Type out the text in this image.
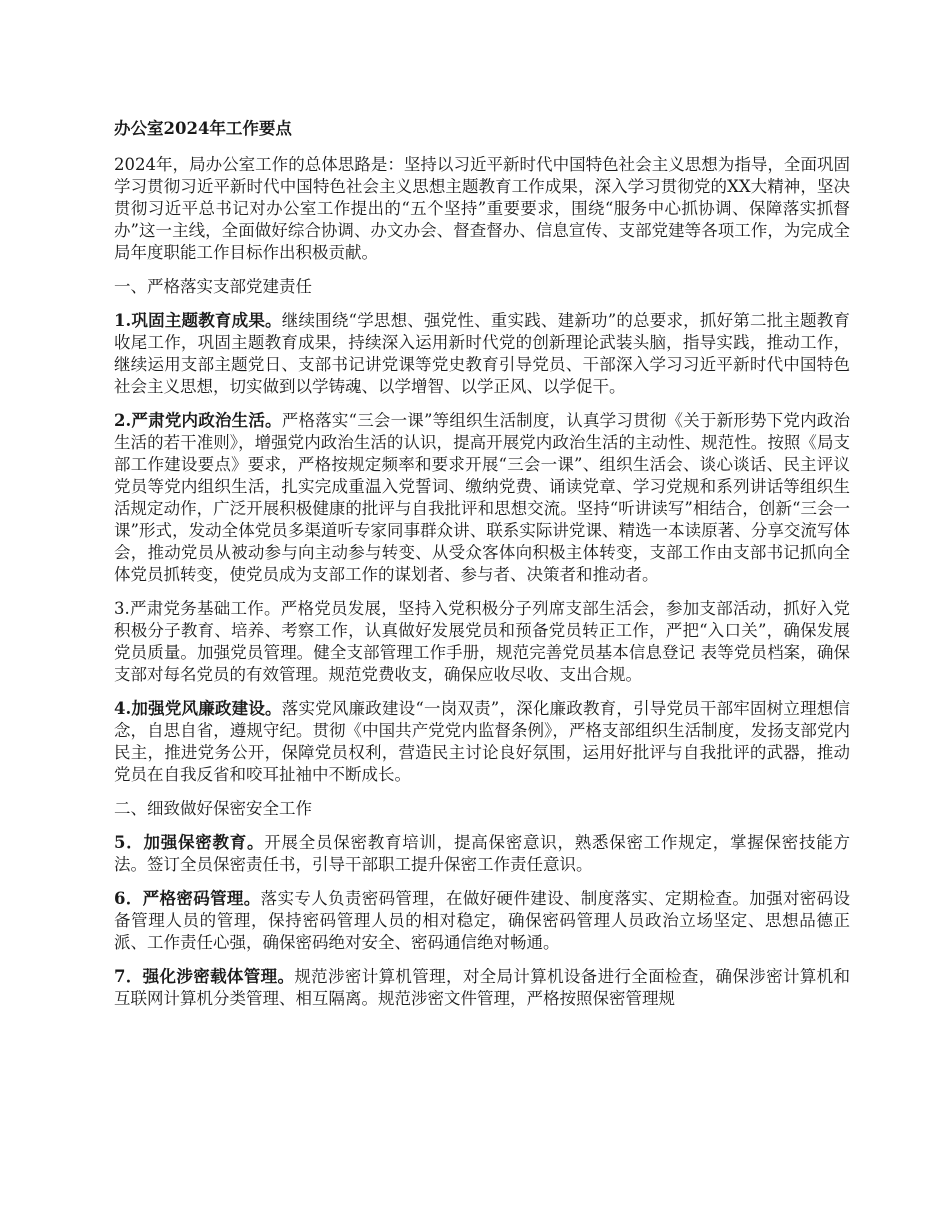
办公室2024年工作要点

2024年，局办公室工作的总体思路是：坚持以习近平新时代中国特色社会主义思想为指导，全面巩固学习贯彻习近平新时代中国特色社会主义思想主题教育工作成果，深入学习贯彻党的XX大精神，坚决贯彻习近平总书记对办公室工作提出的“五个坚持”重要要求，围绕“服务中心抓协调、保障落实抓督办”这一主线，全面做好综合协调、办文办会、督查督办、信息宣传、支部党建等各项工作，为完成全局年度职能工作目标作出积极贡献。

一、严格落实支部党建责任

1.巩固主题教育成果。继续围绕“学思想、强党性、重实践、建新功”的总要求，抓好第二批主题教育收尾工作，巩固主题教育成果，持续深入运用新时代党的创新理论武装头脑，指导实践，推动工作，继续运用支部主题党日、支部书记讲党课等党史教育引导党员、干部深入学习习近平新时代中国特色社会主义思想，切实做到以学铸魂、以学增智、以学正风、以学促干。

2.严肃党内政治生活。严格落实“三会一课”等组织生活制度，认真学习贯彻《关于新形势下党内政治生活的若干准则》，增强党内政治生活的认识，提高开展党内政治生活的主动性、规范性。按照《局支部工作建设要点》要求，严格按规定频率和要求开展“三会一课”、组织生活会、谈心谈话、民主评议党员等党内组织生活，扎实完成重温入党誓词、缴纳党费、诵读党章、学习党规和系列讲话等组织生活规定动作，广泛开展积极健康的批评与自我批评和思想交流。坚持“听讲读写”相结合，创新“三会一课”形式，发动全体党员多渠道听专家同事群众讲、联系实际讲党课、精选一本读原著、分享交流写体会，推动党员从被动参与向主动参与转变、从受众客体向积极主体转变，支部工作由支部书记抓向全体党员抓转变，使党员成为支部工作的谋划者、参与者、决策者和推动者。

3.严肃党务基础工作。严格党员发展，坚持入党积极分子列席支部生活会，参加支部活动，抓好入党积极分子教育、培养、考察工作，认真做好发展党员和预备党员转正工作，严把“入口关”，确保发展党员质量。加强党员管理。健全支部管理工作手册，规范完善党员基本信息登记 表等党员档案，确保支部对每名党员的有效管理。规范党费收支，确保应收尽收、支出合规。

4.加强党风廉政建设。落实党风廉政建设“一岗双责”，深化廉政教育，引导党员干部牢固树立理想信念，自思自省，遵规守纪。贯彻《中国共产党党内监督条例》，严格支部组织生活制度，发扬支部党内民主，推进党务公开，保障党员权利，营造民主讨论良好氛围，运用好批评与自我批评的武器，推动党员在自我反省和咬耳扯袖中不断成长。

二、细致做好保密安全工作

5．加强保密教育。开展全员保密教育培训，提高保密意识，熟悉保密工作规定，掌握保密技能方法。签订全员保密责任书，引导干部职工提升保密工作责任意识。

6．严格密码管理。落实专人负责密码管理，在做好硬件建设、制度落实、定期检查。加强对密码设备管理人员的管理，保持密码管理人员的相对稳定，确保密码管理人员政治立场坚定、思想品德正派、工作责任心强，确保密码绝对安全、密码通信绝对畅通。

7．强化涉密载体管理。规范涉密计算机管理，对全局计算机设备进行全面检查，确保涉密计算机和互联网计算机分类管理、相互隔离。规范涉密文件管理，严格按照保密管理规
